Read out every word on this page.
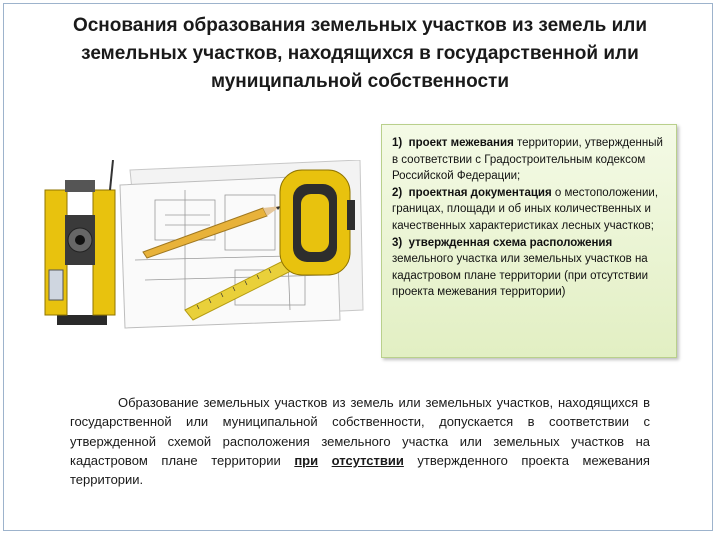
Основания образования земельных участков из земель или земельных участков, находящихся в государственной или муниципальной собственности

1) проект межевания территории, утвержденный в соответствии с Градостроительным кодексом Российской Федерации;

2) проектная документация о местоположении, границах, площади и об иных количественных и качественных характеристиках лесных участков;

3) утвержденная схема расположения земельного участка или земельных участков на кадастровом плане территории (при отсутствии проекта межевания территории)

Образование земельных участков из земель или земельных участков, находящихся в государственной или муниципальной собственности, допускается в соответствии с утвержденной схемой расположения земельного участка или земельных участков на кадастровом плане территории при отсутствии утвержденного проекта межевания территории.
